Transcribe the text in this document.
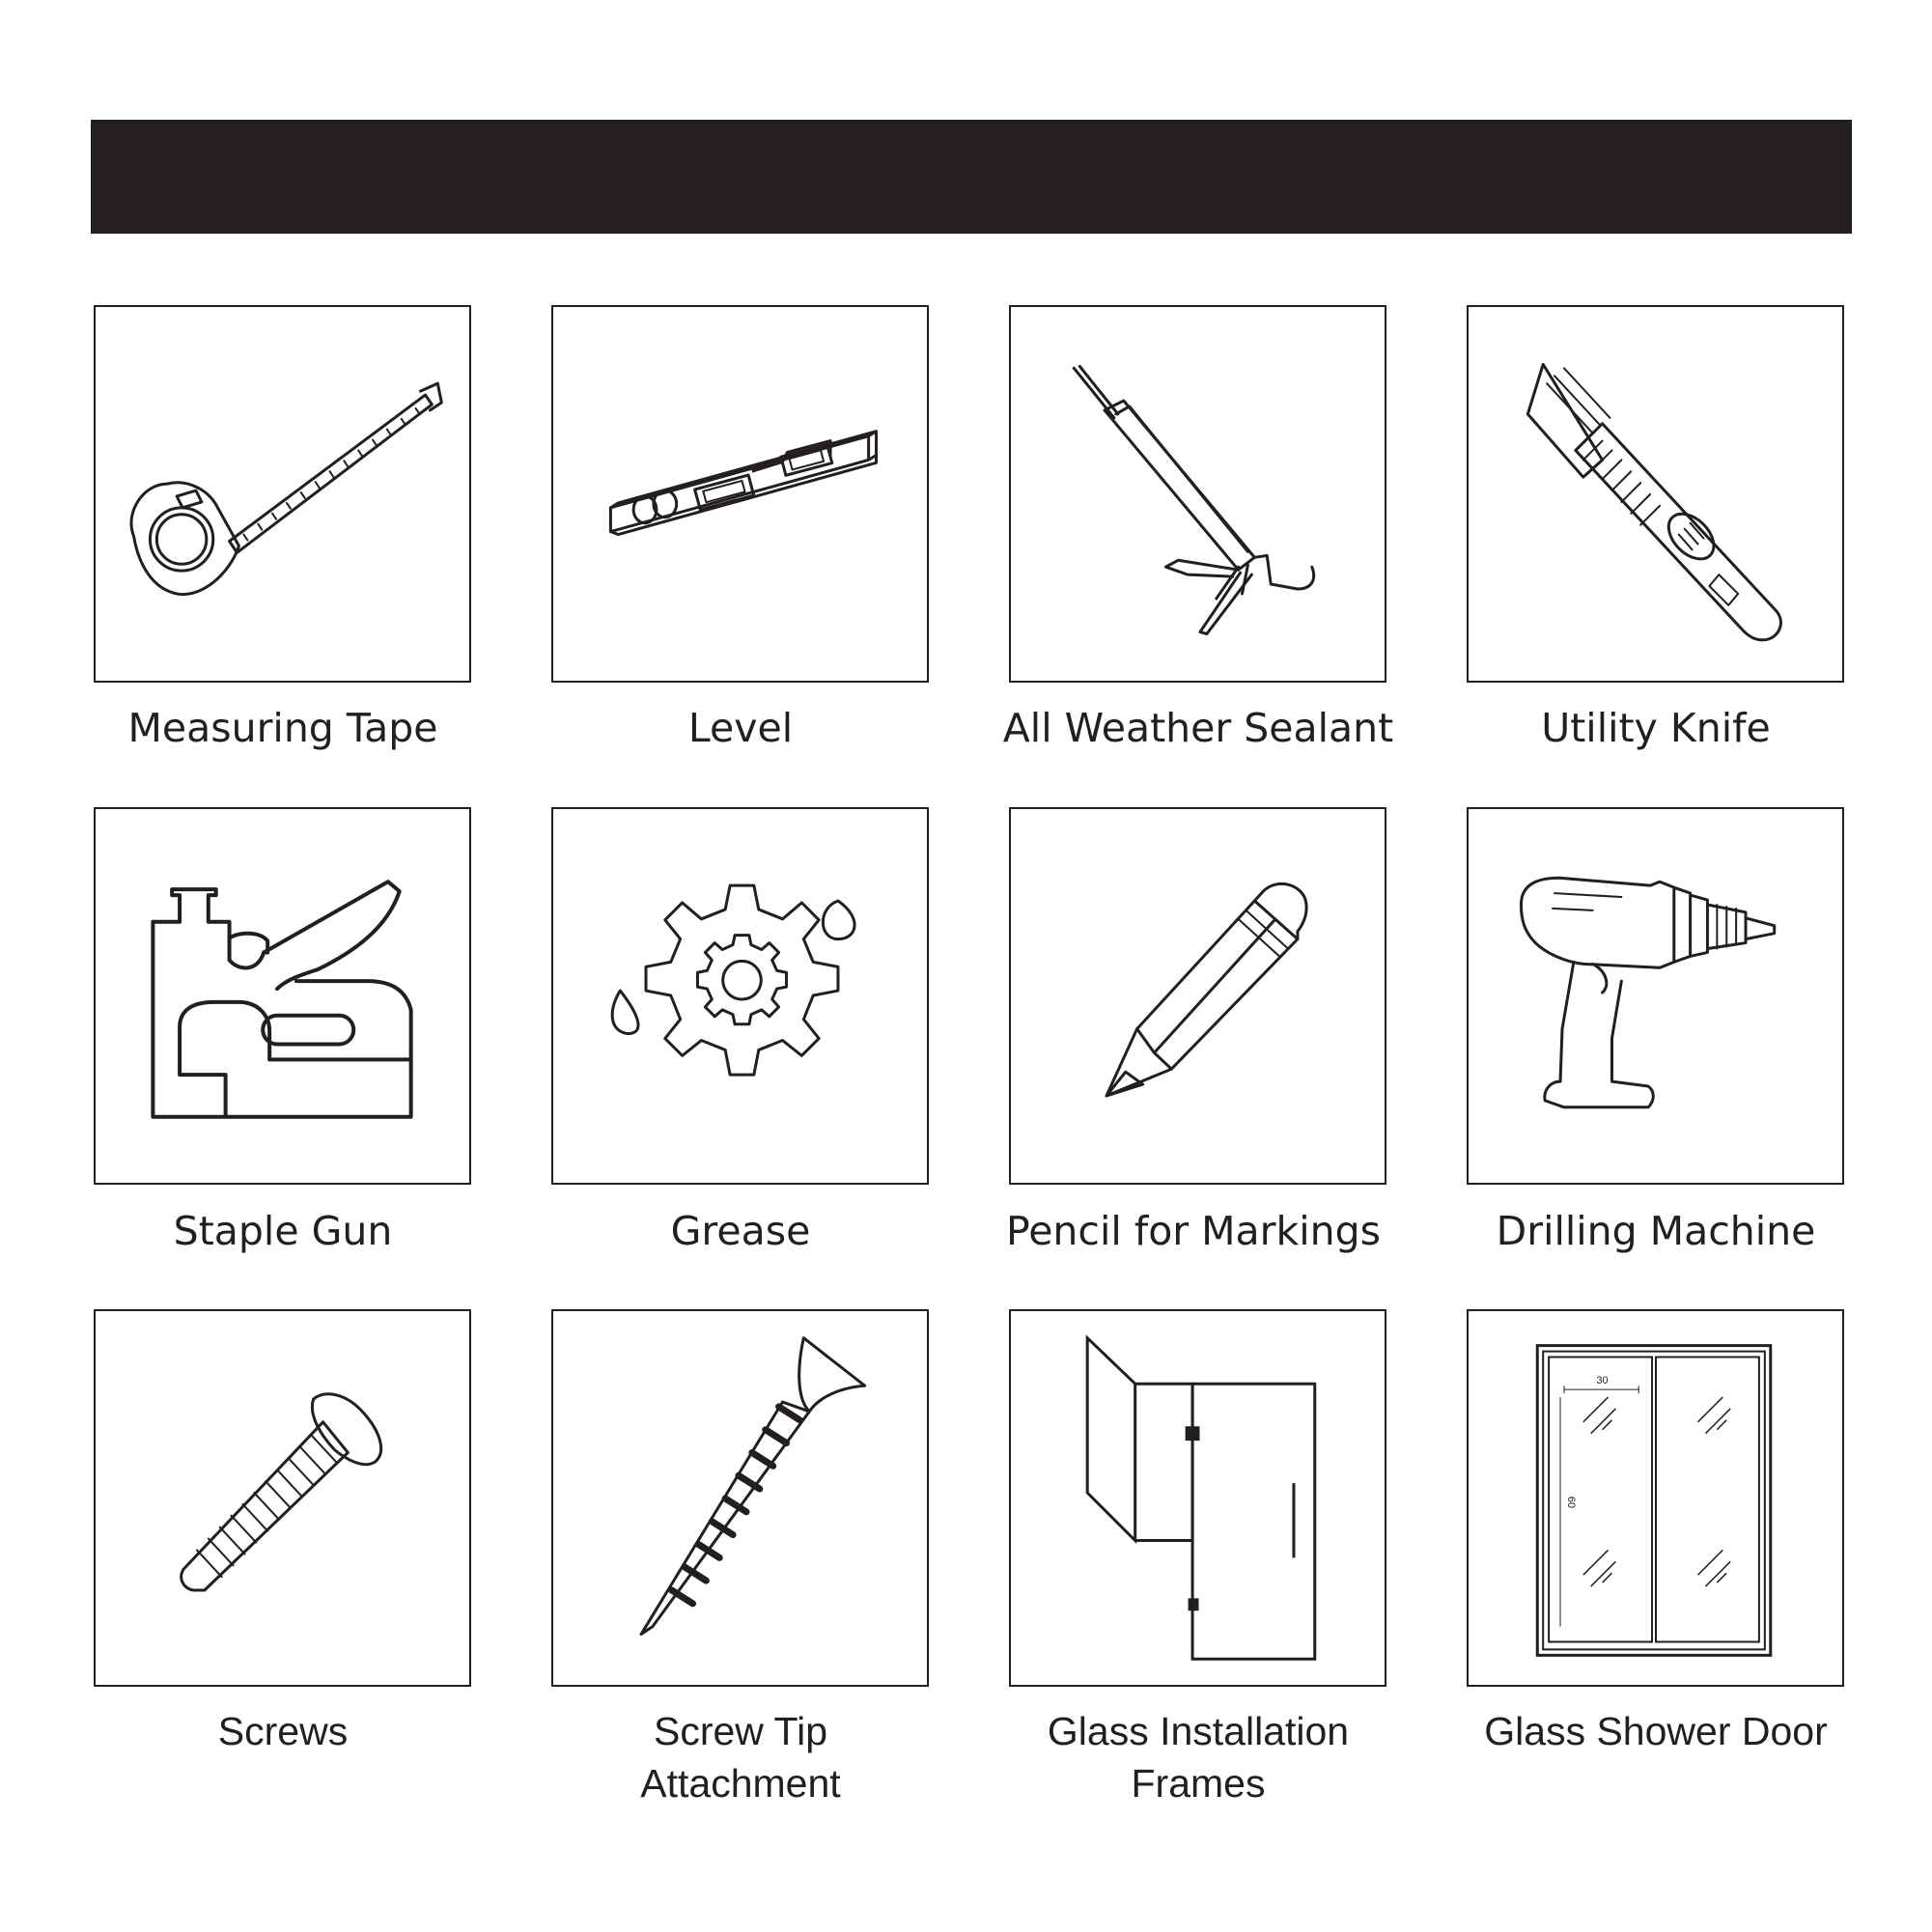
Measuring Tape	Level	All Weather Sealant	Utility Knife
Staple Gun	Grease	Pencil for Markings	Drilling Machine
Screws	Screw Tip
Attachment
Glass Installation
Frames
30
60
Glass Shower Door
